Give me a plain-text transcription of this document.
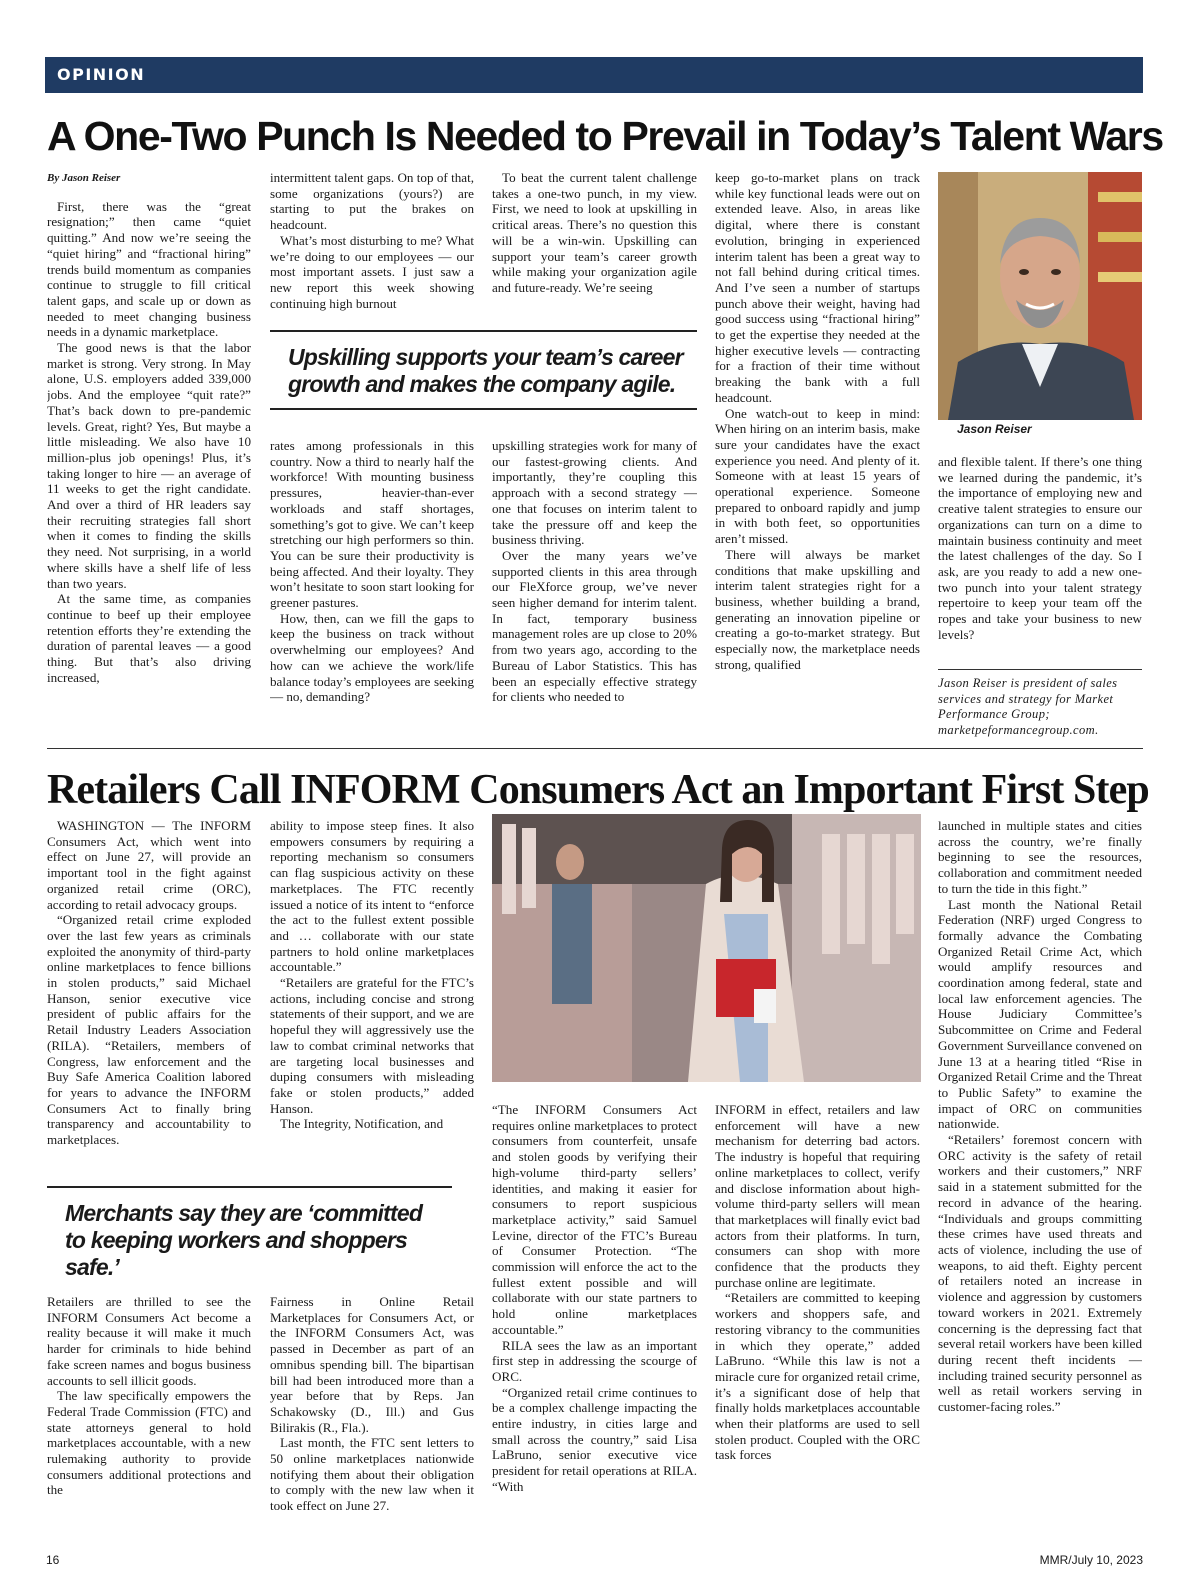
OPINION
A One-Two Punch Is Needed to Prevail in Today’s Talent Wars

By Jason Reiser

First, there was the “great resignation;” then came “quiet quitting.” And now we’re seeing the “quiet hiring” and “fractional hiring” trends build momentum as companies continue to struggle to fill critical talent gaps, and scale up or down as needed to meet changing business needs in a dynamic marketplace.

The good news is that the labor market is strong. Very strong. In May alone, U.S. employers added 339,000 jobs. And the employee “quit rate?” That’s back down to pre-pandemic levels. Great, right? Yes, But maybe a little misleading. We also have 10 million-plus job openings! Plus, it’s taking longer to hire — an average of 11 weeks to get the right candidate. And over a third of HR leaders say their recruiting strategies fall short when it comes to finding the skills they need. Not surprising, in a world where skills have a shelf life of less than two years.

At the same time, as companies continue to beef up their employee retention efforts they’re extending the duration of parental leaves — a good thing. But that’s also driving increased,

intermittent talent gaps. On top of that, some organizations (yours?) are starting to put the brakes on headcount.

What’s most disturbing to me? What we’re doing to our employees — our most important assets. I just saw a new report this week showing continuing high burnout

To beat the current talent challenge takes a one-two punch, in my view. First, we need to look at upskilling in critical areas. There’s no question this will be a win-win. Upskilling can support your team’s career growth while making your organization agile and future-ready. We’re seeing

Upskilling supports your team’s career growth and makes the company agile.

rates among professionals in this country. Now a third to nearly half the workforce! With mounting business pressures, heavier-than-ever workloads and staff shortages, something’s got to give. We can’t keep stretching our high performers so thin. You can be sure their productivity is being affected. And their loyalty. They won’t hesitate to soon start looking for greener pastures.

How, then, can we fill the gaps to keep the business on track without overwhelming our employees? And how can we achieve the work/life balance today’s employees are seeking — no, demanding?

upskilling strategies work for many of our fastest-growing clients. And importantly, they’re coupling this approach with a second strategy — one that focuses on interim talent to take the pressure off and keep the business thriving.

Over the many years we’ve supported clients in this area through our FleXforce group, we’ve never seen higher demand for interim talent. In fact, temporary business management roles are up close to 20% from two years ago, according to the Bureau of Labor Statistics. This has been an especially effective strategy for clients who needed to

keep go-to-market plans on track while key functional leads were out on extended leave. Also, in areas like digital, where there is constant evolution, bringing in experienced interim talent has been a great way to not fall behind during critical times. And I’ve seen a number of startups punch above their weight, having had good success using “fractional hiring” to get the expertise they needed at the higher executive levels — contracting for a fraction of their time without breaking the bank with a full headcount.

One watch-out to keep in mind: When hiring on an interim basis, make sure your candidates have the exact experience you need. And plenty of it. Someone with at least 15 years of operational experience. Someone prepared to onboard rapidly and jump in with both feet, so opportunities aren’t missed.

There will always be market conditions that make upskilling and interim talent strategies right for a business, whether building a brand, generating an innovation pipeline or creating a go-to-market strategy. But especially now, the marketplace needs strong, qualified

Jason Reiser

and flexible talent. If there’s one thing we learned during the pandemic, it’s the importance of employing new and creative talent strategies to ensure our organizations can turn on a dime to maintain business continuity and meet the latest challenges of the day. So I ask, are you ready to add a new one-two punch into your talent strategy repertoire to keep your team off the ropes and take your business to new levels?

Jason Reiser is president of sales services and strategy for Market Performance Group; marketpeformancegroup.com.
Retailers Call INFORM Consumers Act an Important First Step

WASHINGTON — The INFORM Consumers Act, which went into effect on June 27, will provide an important tool in the fight against organized retail crime (ORC), according to retail advocacy groups.

“Organized retail crime exploded over the last few years as criminals exploited the anonymity of third-party online marketplaces to fence billions in stolen products,” said Michael Hanson, senior executive vice president of public affairs for the Retail Industry Leaders Association (RILA). “Retailers, members of Congress, law enforcement and the Buy Safe America Coalition labored for years to advance the INFORM Consumers Act to finally bring transparency and accountability to marketplaces.

ability to impose steep fines. It also empowers consumers by requiring a reporting mechanism so consumers can flag suspicious activity on these marketplaces. The FTC recently issued a notice of its intent to “enforce the act to the fullest extent possible and … collaborate with our state partners to hold online marketplaces accountable.”

“Retailers are grateful for the FTC’s actions, including concise and strong statements of their support, and we are hopeful they will aggressively use the law to combat criminal networks that are targeting local businesses and duping consumers with misleading fake or stolen products,” added Hanson.

The Integrity, Notification, and

Merchants say they are ‘committed to keeping workers and shoppers safe.’

Retailers are thrilled to see the INFORM Consumers Act become a reality because it will make it much harder for criminals to hide behind fake screen names and bogus business accounts to sell illicit goods.

The law specifically empowers the Federal Trade Commission (FTC) and state attorneys general to hold marketplaces accountable, with a new rulemaking authority to provide consumers additional protections and the

Fairness in Online Retail Marketplaces for Consumers Act, or the INFORM Consumers Act, was passed in December as part of an omnibus spending bill. The bipartisan bill had been introduced more than a year before that by Reps. Jan Schakowsky (D., Ill.) and Gus Bilirakis (R., Fla.).

Last month, the FTC sent letters to 50 online marketplaces nationwide notifying them about their obligation to comply with the new law when it took effect on June 27.

“The INFORM Consumers Act requires online marketplaces to protect consumers from counterfeit, unsafe and stolen goods by verifying their high-volume third-party sellers’ identities, and making it easier for consumers to report suspicious marketplace activity,” said Samuel Levine, director of the FTC’s Bureau of Consumer Protection. “The commission will enforce the act to the fullest extent possible and will collaborate with our state partners to hold online marketplaces accountable.”

RILA sees the law as an important first step in addressing the scourge of ORC.

“Organized retail crime continues to be a complex challenge impacting the entire industry, in cities large and small across the country,” said Lisa LaBruno, senior executive vice president for retail operations at RILA. “With

INFORM in effect, retailers and law enforcement will have a new mechanism for deterring bad actors. The industry is hopeful that requiring online marketplaces to collect, verify and disclose information about high-volume third-party sellers will mean that marketplaces will finally evict bad actors from their platforms. In turn, consumers can shop with more confidence that the products they purchase online are legitimate.

“Retailers are committed to keeping workers and shoppers safe, and restoring vibrancy to the communities in which they operate,” added LaBruno. “While this law is not a miracle cure for organized retail crime, it’s a significant dose of help that finally holds marketplaces accountable when their platforms are used to sell stolen product. Coupled with the ORC task forces

launched in multiple states and cities across the country, we’re finally beginning to see the resources, collaboration and commitment needed to turn the tide in this fight.”

Last month the National Retail Federation (NRF) urged Congress to formally advance the Combating Organized Retail Crime Act, which would amplify resources and coordination among federal, state and local law enforcement agencies. The House Judiciary Committee’s Subcommittee on Crime and Federal Government Surveillance convened on June 13 at a hearing titled “Rise in Organized Retail Crime and the Threat to Public Safety” to examine the impact of ORC on communities nationwide.

“Retailers’ foremost concern with ORC activity is the safety of retail workers and their customers,” NRF said in a statement submitted for the record in advance of the hearing. “Individuals and groups committing these crimes have used threats and acts of violence, including the use of weapons, to aid theft. Eighty percent of retailers noted an increase in violence and aggression by customers toward workers in 2021. Extremely concerning is the depressing fact that several retail workers have been killed during recent theft incidents — including trained security personnel as well as retail workers serving in customer-facing roles.”

16	MMR/July 10, 2023
